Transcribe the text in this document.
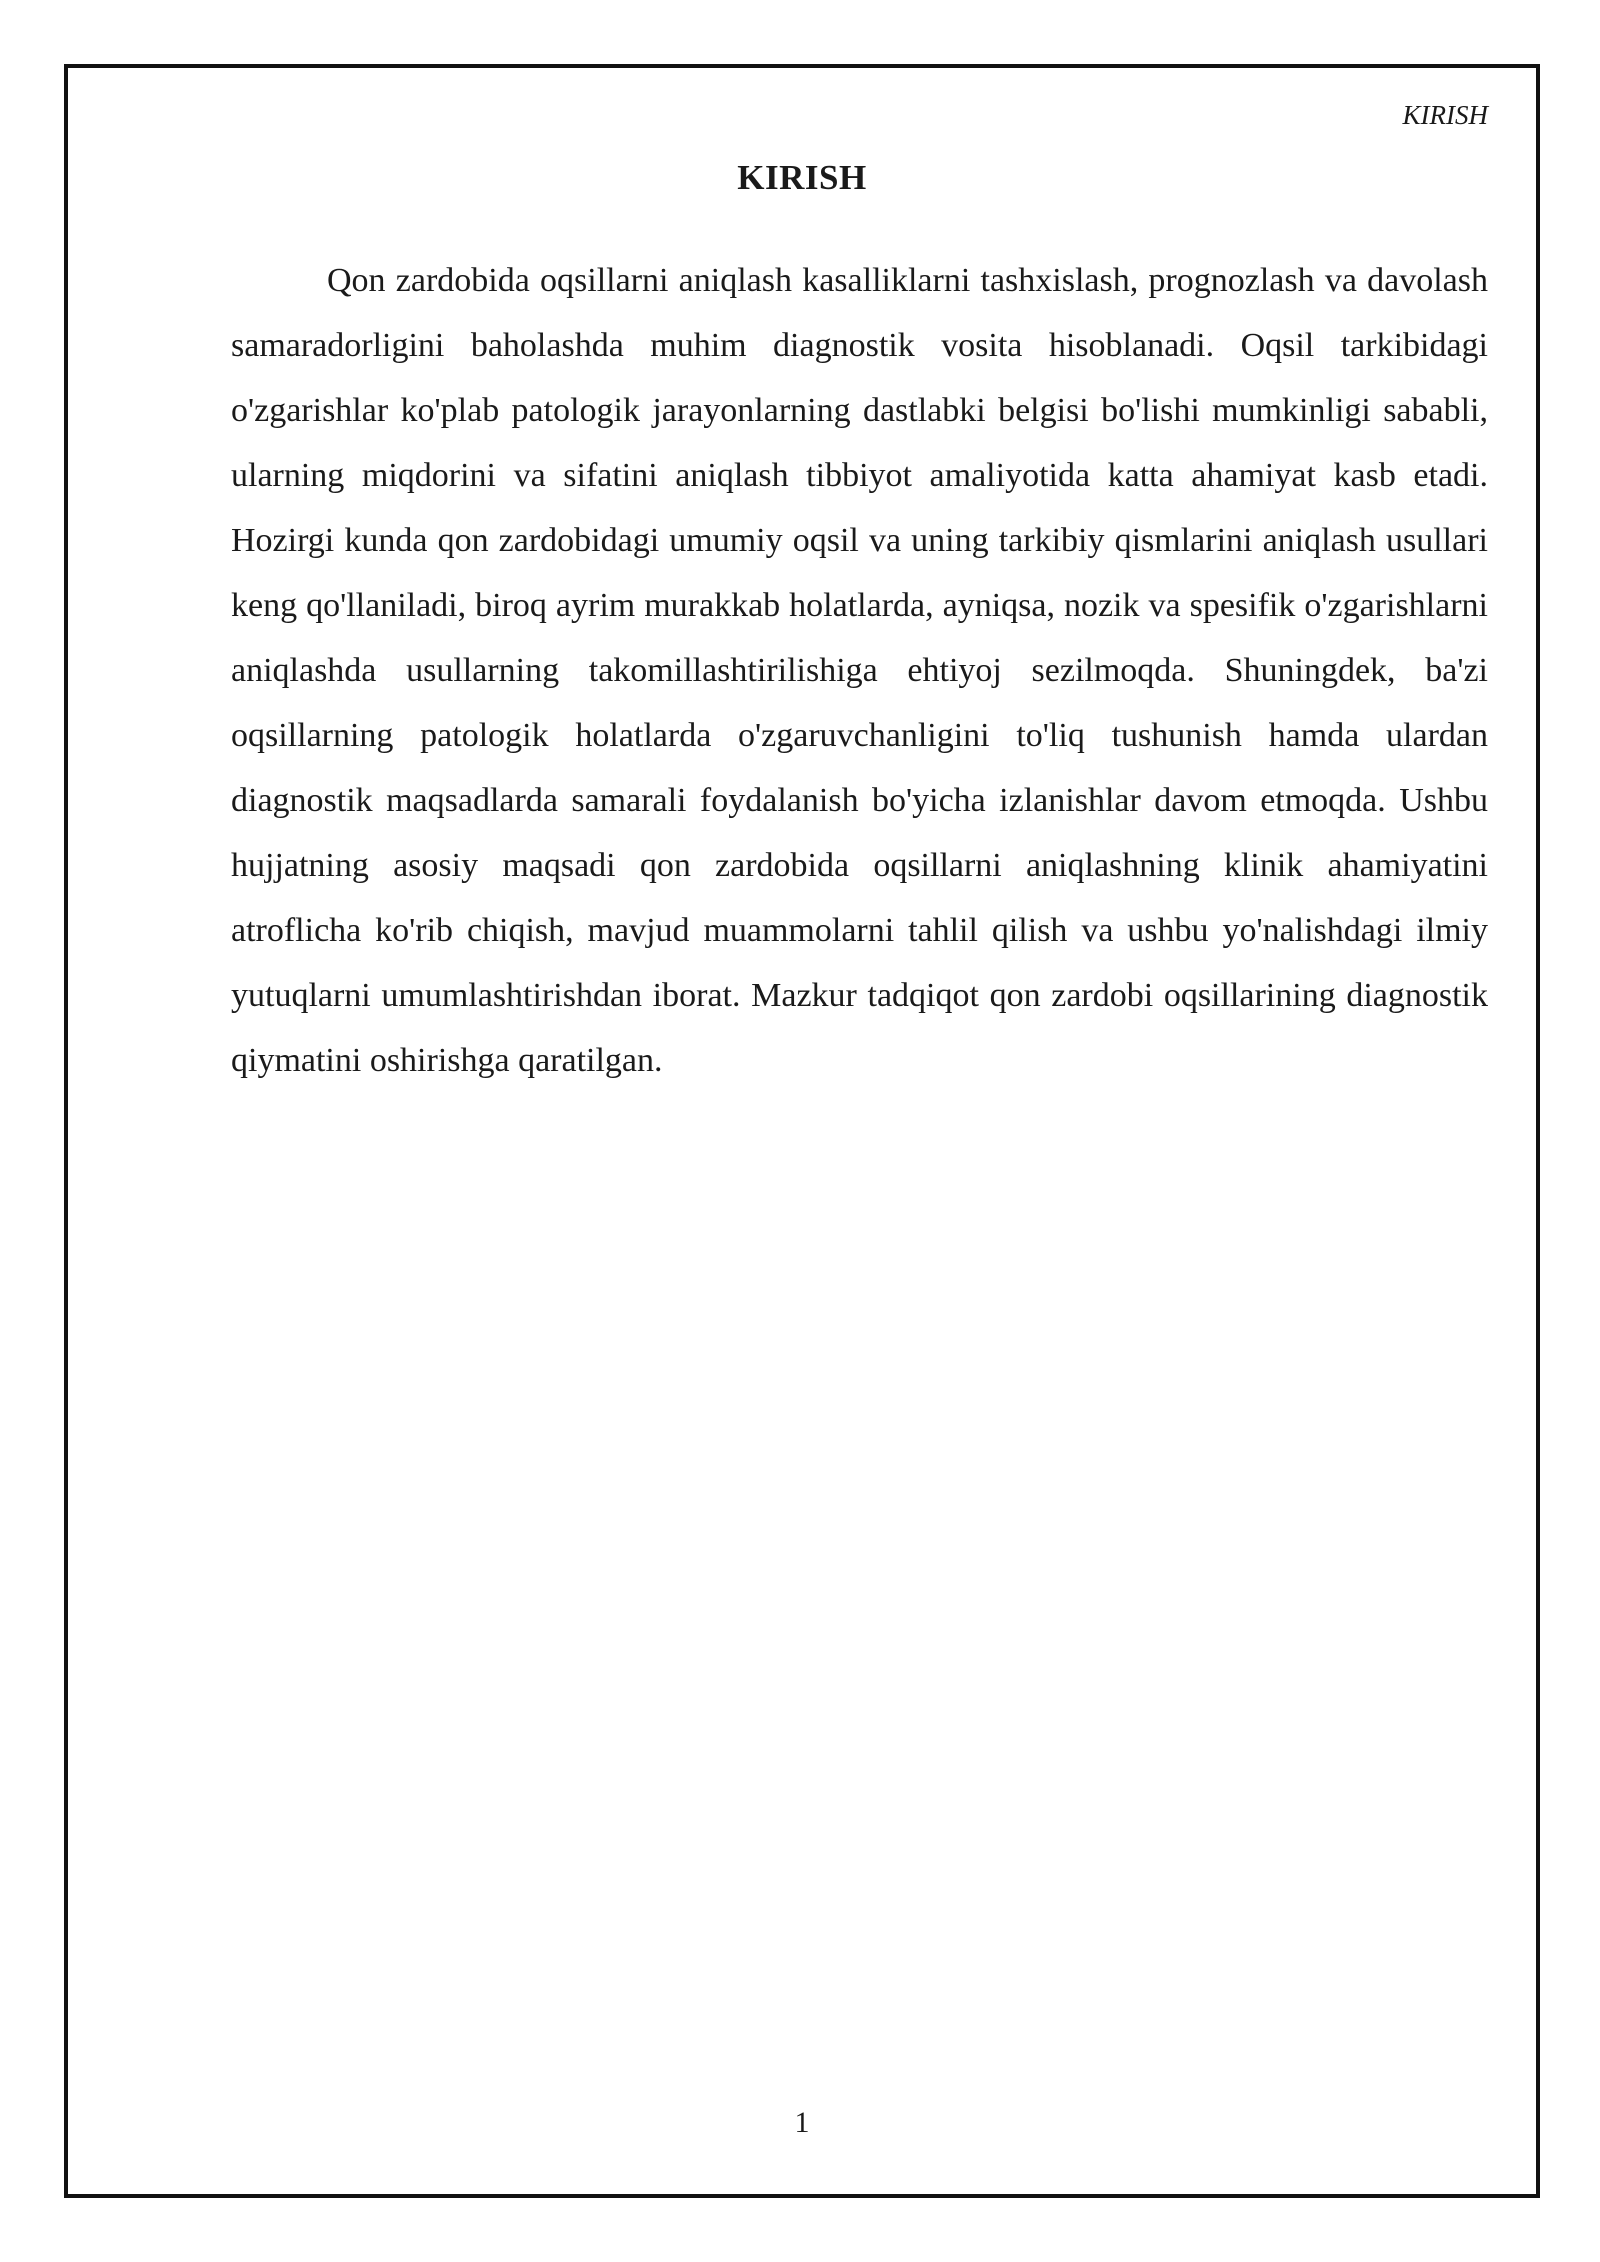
KIRISH
KIRISH

Qon zardobida oqsillarni aniqlash kasalliklarni tashxislash, prognozlash va davolash samaradorligini baholashda muhim diagnostik vosita hisoblanadi. Oqsil tarkibidagi o'zgarishlar ko'plab patologik jarayonlarning dastlabki belgisi bo'lishi mumkinligi sababli, ularning miqdorini va sifatini aniqlash tibbiyot amaliyotida katta ahamiyat kasb etadi. Hozirgi kunda qon zardobidagi umumiy oqsil va uning tarkibiy qismlarini aniqlash usullari keng qo'llaniladi, biroq ayrim murakkab holatlarda, ayniqsa, nozik va spesifik o'zgarishlarni aniqlashda usullarning takomillashtirilishiga ehtiyoj sezilmoqda. Shuningdek, ba'zi oqsillarning patologik holatlarda o'zgaruvchanligini to'liq tushunish hamda ulardan diagnostik maqsadlarda samarali foydalanish bo'yicha izlanishlar davom etmoqda. Ushbu hujjatning asosiy maqsadi qon zardobida oqsillarni aniqlashning klinik ahamiyatini atroflicha ko'rib chiqish, mavjud muammolarni tahlil qilish va ushbu yo'nalishdagi ilmiy yutuqlarni umumlashtirishdan iborat. Mazkur tadqiqot qon zardobi oqsillarining diagnostik qiymatini oshirishga qaratilgan.

1
